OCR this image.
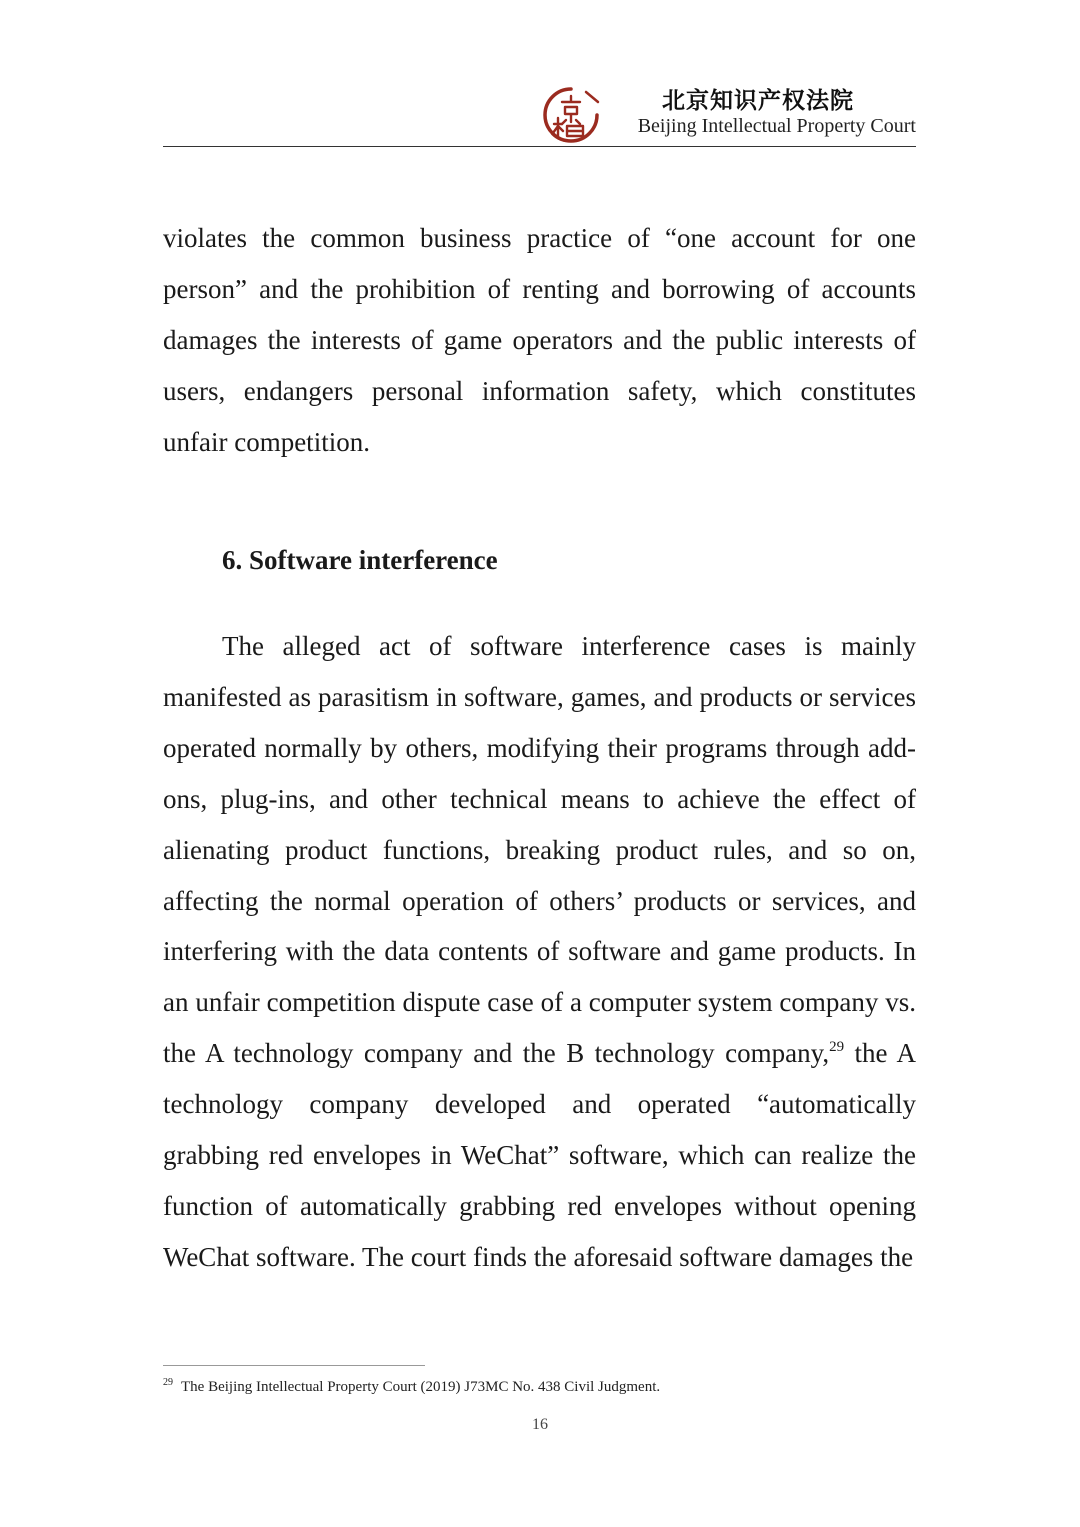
北京知识产权法院
Beijing Intellectual Property Court

violates the common business practice of “one account for one person” and the prohibition of renting and borrowing of accounts damages the interests of game operators and the public interests of users, endangers personal information safety, which constitutes unfair competition.

6. Software interference

The alleged act of software interference cases is mainly manifested as parasitism in software, games, and products or services operated normally by others, modifying their programs through add-ons, plug-ins, and other technical means to achieve the effect of alienating product functions, breaking product rules, and so on, affecting the normal operation of others’ products or services, and interfering with the data contents of software and game products. In an unfair competition dispute case of a computer system company vs. the A technology company and the B technology company,$^{29}$ the A technology company developed and operated “automatically grabbing red envelopes in WeChat” software, which can realize the function of automatically grabbing red envelopes without opening WeChat software. The court finds the aforesaid software damages the

$^{29}$ The Beijing Intellectual Property Court (2019) J73MC No. 438 Civil Judgment.
16
